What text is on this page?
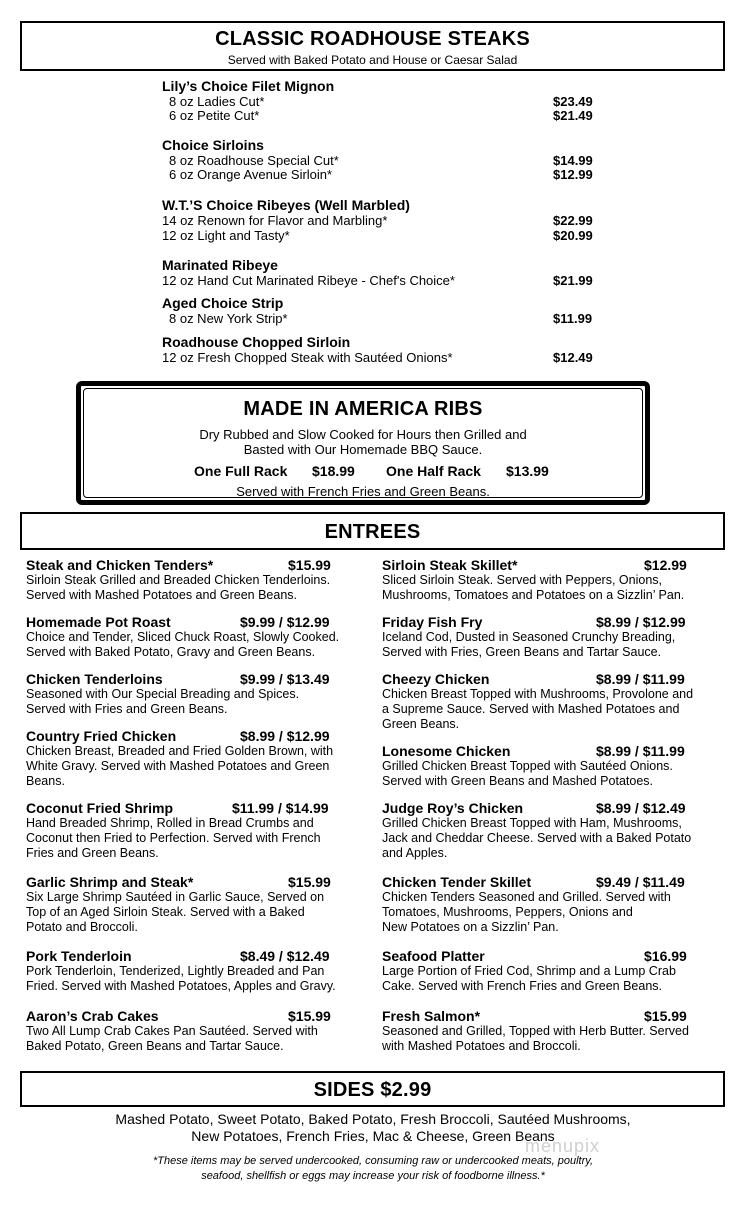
CLASSIC ROADHOUSE STEAKS
Served with Baked Potato and House or Caesar Salad
Lily’s Choice Filet Mignon
8 oz Ladies Cut*	$23.49
6 oz Petite Cut*	$21.49
Choice Sirloins
8 oz Roadhouse Special Cut*	$14.99
6 oz Orange Avenue Sirloin*	$12.99
W.T.’S Choice Ribeyes (Well Marbled)
14 oz Renown for Flavor and Marbling*	$22.99
12 oz Light and Tasty*	$20.99
Marinated Ribeye
12 oz Hand Cut Marinated Ribeye - Chef's Choice*	$21.99
Aged Choice Strip
8 oz New York Strip*	$11.99
Roadhouse Chopped Sirloin
12 oz Fresh Chopped Steak with Sautéed Onions*	$12.49
MADE IN AMERICA RIBS
Dry Rubbed and Slow Cooked for Hours then Grilled and
Basted with Our Homemade BBQ Sauce.
One Full Rack $18.99 One Half Rack $13.99
Served with French Fries and Green Beans.
ENTREES
Steak and Chicken Tenders*	$15.99
Sirloin Steak Grilled and Breaded Chicken Tenderloins.
Served with Mashed Potatoes and Green Beans.
Homemade Pot Roast	$9.99 / $12.99
Choice and Tender, Sliced Chuck Roast, Slowly Cooked.
Served with Baked Potato, Gravy and Green Beans.
Chicken Tenderloins	$9.99 / $13.49
Seasoned with Our Special Breading and Spices.
Served with Fries and Green Beans.
Country Fried Chicken	$8.99 / $12.99
Chicken Breast, Breaded and Fried Golden Brown, with
White Gravy. Served with Mashed Potatoes and Green
Beans.
Coconut Fried Shrimp	$11.99 / $14.99
Hand Breaded Shrimp, Rolled in Bread Crumbs and
Coconut then Fried to Perfection. Served with French
Fries and Green Beans.
Garlic Shrimp and Steak*	$15.99
Six Large Shrimp Sautéed in Garlic Sauce, Served on
Top of an Aged Sirloin Steak. Served with a Baked
Potato and Broccoli.
Pork Tenderloin	$8.49 / $12.49
Pork Tenderloin, Tenderized, Lightly Breaded and Pan
Fried. Served with Mashed Potatoes, Apples and Gravy.
Aaron’s Crab Cakes	$15.99
Two All Lump Crab Cakes Pan Sautéed. Served with
Baked Potato, Green Beans and Tartar Sauce.
Sirloin Steak Skillet*	$12.99
Sliced Sirloin Steak. Served with Peppers, Onions,
Mushrooms, Tomatoes and Potatoes on a Sizzlin’ Pan.
Friday Fish Fry	$8.99 / $12.99
Iceland Cod, Dusted in Seasoned Crunchy Breading,
Served with Fries, Green Beans and Tartar Sauce.
Cheezy Chicken	$8.99 / $11.99
Chicken Breast Topped with Mushrooms, Provolone and
a Supreme Sauce. Served with Mashed Potatoes and
Green Beans.
Lonesome Chicken	$8.99 / $11.99
Grilled Chicken Breast Topped with Sautéed Onions.
Served with Green Beans and Mashed Potatoes.
Judge Roy’s Chicken	$8.99 / $12.49
Grilled Chicken Breast Topped with Ham, Mushrooms,
Jack and Cheddar Cheese. Served with a Baked Potato
and Apples.
Chicken Tender Skillet	$9.49 / $11.49
Chicken Tenders Seasoned and Grilled. Served with
Tomatoes, Mushrooms, Peppers, Onions and
New Potatoes on a Sizzlin’ Pan.
Seafood Platter	$16.99
Large Portion of Fried Cod, Shrimp and a Lump Crab
Cake. Served with French Fries and Green Beans.
Fresh Salmon*	$15.99
Seasoned and Grilled, Topped with Herb Butter. Served
with Mashed Potatoes and Broccoli.
SIDES $2.99
Mashed Potato, Sweet Potato, Baked Potato, Fresh Broccoli, Sautéed Mushrooms,
New Potatoes, French Fries, Mac & Cheese, Green Beans
menupix
*These items may be served undercooked, consuming raw or undercooked meats, poultry,
seafood, shellfish or eggs may increase your risk of foodborne illness.*
